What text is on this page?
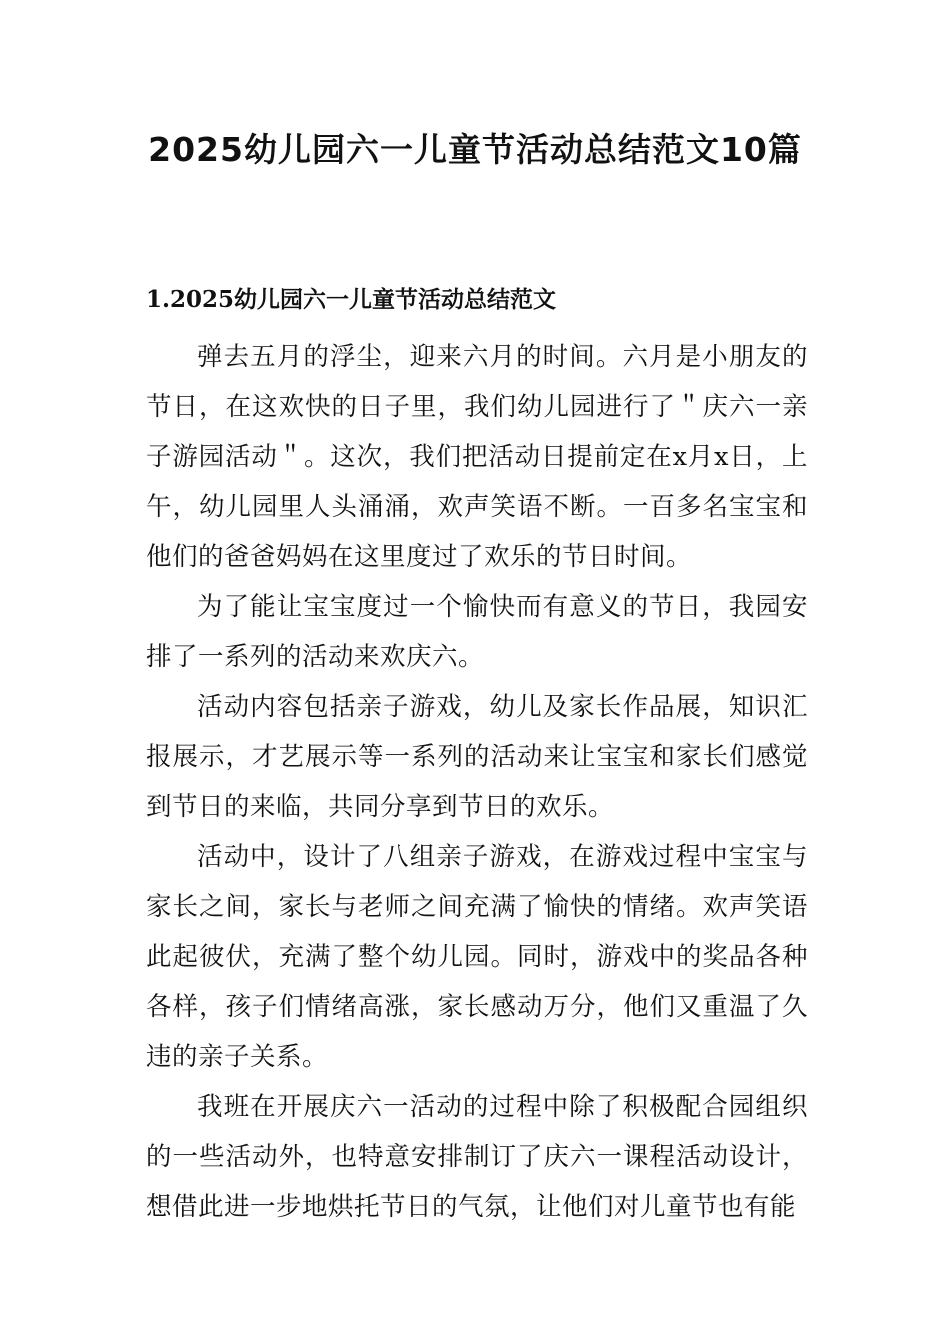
2025幼儿园六一儿童节活动总结范文10篇
1.2025幼儿园六一儿童节活动总结范文

弹去五月的浮尘，迎来六月的时间。六月是小朋友的节日，在这欢快的日子里，我们幼儿园进行了＂庆六一亲子游园活动＂。这次，我们把活动日提前定在x月x日，上午，幼儿园里人头涌涌，欢声笑语不断。一百多名宝宝和他们的爸爸妈妈在这里度过了欢乐的节日时间。

为了能让宝宝度过一个愉快而有意义的节日，我园安排了一系列的活动来欢庆六。

活动内容包括亲子游戏，幼儿及家长作品展，知识汇报展示，才艺展示等一系列的活动来让宝宝和家长们感觉到节日的来临，共同分享到节日的欢乐。

活动中，设计了八组亲子游戏，在游戏过程中宝宝与家长之间，家长与老师之间充满了愉快的情绪。欢声笑语此起彼伏，充满了整个幼儿园。同时，游戏中的奖品各种各样，孩子们情绪高涨，家长感动万分，他们又重温了久违的亲子关系。

我班在开展庆六一活动的过程中除了积极配合园组织的一些活动外，也特意安排制订了庆六一课程活动设计，想借此进一步地烘托节日的气氛，让他们对儿童节也有能
